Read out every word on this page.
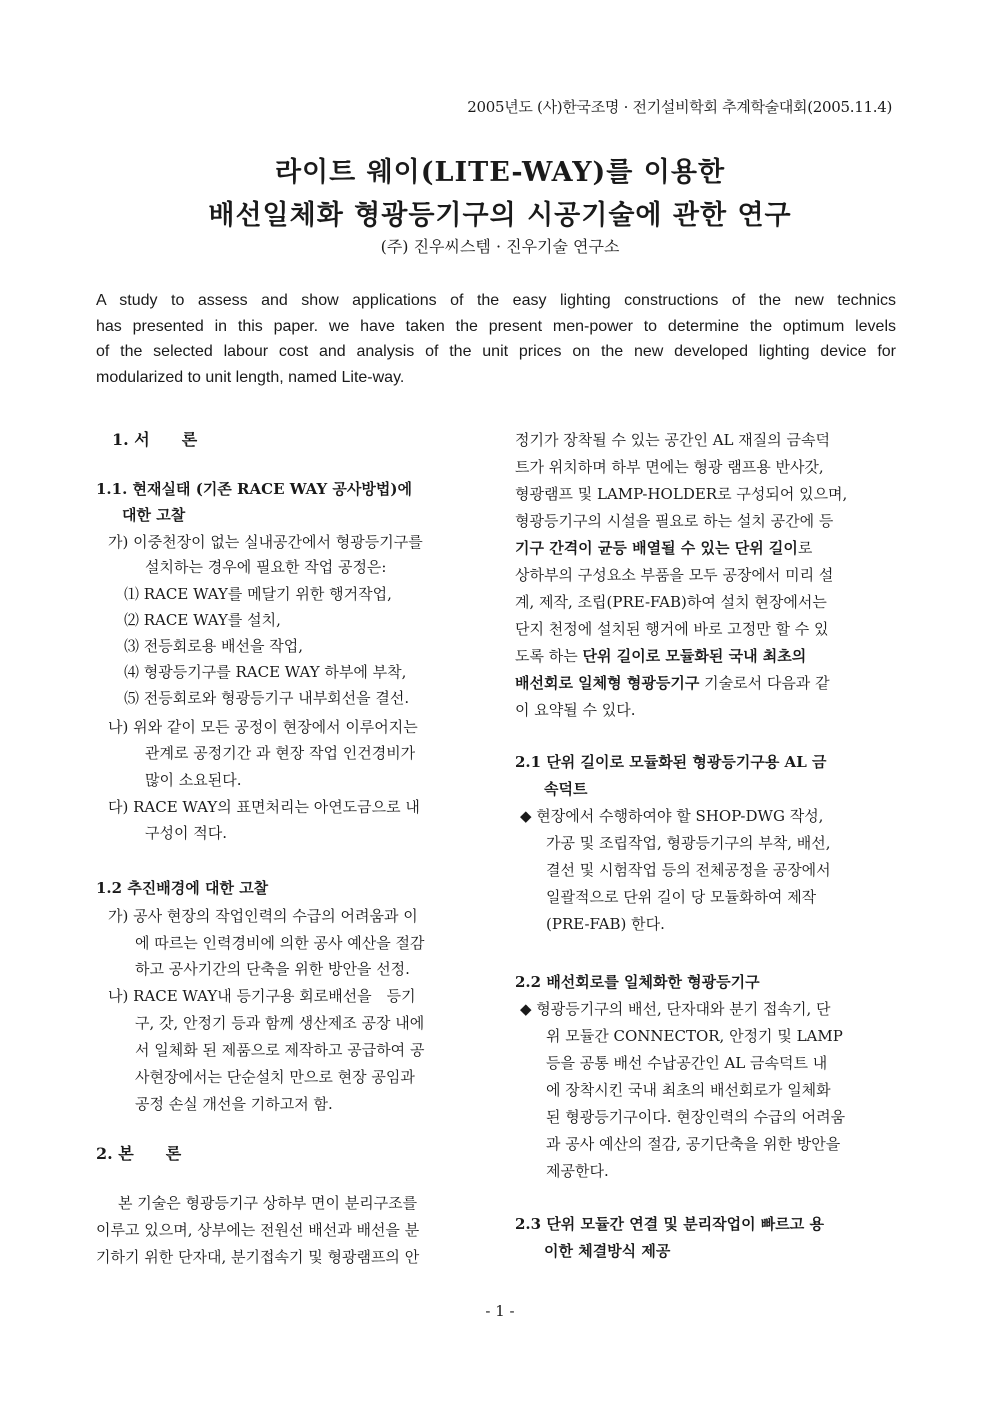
2005년도 (사)한국조명 · 전기설비학회 추계학술대회(2005.11.4)
라이트 웨이(LITE-WAY)를 이용한
배선일체화 형광등기구의 시공기술에 관한 연구
(주) 진우씨스템 · 진우기술 연구소
A study to assess and show applications of the easy lighting constructions of the new technics
has presented in this paper. we have taken the present men-power to determine the optimum levels
of the selected labour cost and analysis of the unit prices on the new developed lighting device for
modularized to unit length, named Lite-way.
1. 서　　론
1.1. 현재실태 (기존 RACE WAY 공사방법)에
대한 고찰
가) 이중천장이 없는 실내공간에서 형광등기구를
설치하는 경우에 필요한 작업 공정은:
⑴ RACE WAY를 메달기 위한 행거작업,
⑵ RACE WAY를 설치,
⑶ 전등회로용 배선을 작업,
⑷ 형광등기구를 RACE WAY 하부에 부착,
⑸ 전등회로와 형광등기구 내부회선을 결선.
나) 위와 같이 모든 공정이 현장에서 이루어지는
관계로 공정기간 과 현장 작업 인건경비가
많이 소요된다.
다) RACE WAY의 표면처리는 아연도금으로 내
구성이 적다.
1.2 추진배경에 대한 고찰
가) 공사 현장의 작업인력의 수급의 어려움과 이
에 따르는 인력경비에 의한 공사 예산을 절감
하고 공사기간의 단축을 위한 방안을 선정.
나) RACE WAY내 등기구용 회로배선을　등기
구, 갓, 안정기 등과 함께 생산제조 공장 내에
서 일체화 된 제품으로 제작하고 공급하여 공
사현장에서는 단순설치 만으로 현장 공임과
공정 손실 개선을 기하고저 함.
2. 본　　론
본 기술은 형광등기구 상하부 면이 분리구조를
이루고 있으며, 상부에는 전원선 배선과 배선을 분
기하기 위한 단자대, 분기접속기 및 형광램프의 안
정기가 장착될 수 있는 공간인 AL 재질의 금속덕
트가 위치하며 하부 면에는 형광 램프용 반사갓,
형광램프 및 LAMP-HOLDER로 구성되어 있으며,
형광등기구의 시설을 필요로 하는 설치 공간에 등
기구 간격이 균등 배열될 수 있는 단위 길이로
상하부의 구성요소 부품을 모두 공장에서 미리 설
계, 제작, 조립(PRE-FAB)하여 설치 현장에서는
단지 천정에 설치된 행거에 바로 고정만 할 수 있
도록 하는 단위 길이로 모듈화된 국내 최초의
배선회로 일체형 형광등기구 기술로서 다음과 같
이 요약될 수 있다.
2.1 단위 길이로 모듈화된 형광등기구용 AL 금
속덕트
◆ 현장에서 수행하여야 할 SHOP-DWG 작성,
가공 및 조립작업, 형광등기구의 부착, 배선,
결선 및 시험작업 등의 전체공정을 공장에서
일괄적으로 단위 길이 당 모듈화하여 제작
(PRE-FAB) 한다.
2.2 배선회로를 일체화한 형광등기구
◆ 형광등기구의 배선, 단자대와 분기 접속기, 단
위 모듈간 CONNECTOR, 안정기 및 LAMP
등을 공통 배선 수납공간인 AL 금속덕트 내
에 장착시킨 국내 최초의 배선회로가 일체화
된 형광등기구이다. 현장인력의 수급의 어려움
과 공사 예산의 절감, 공기단축을 위한 방안을
제공한다.
2.3 단위 모듈간 연결 및 분리작업이 빠르고 용
이한 체결방식 제공
- 1 -
